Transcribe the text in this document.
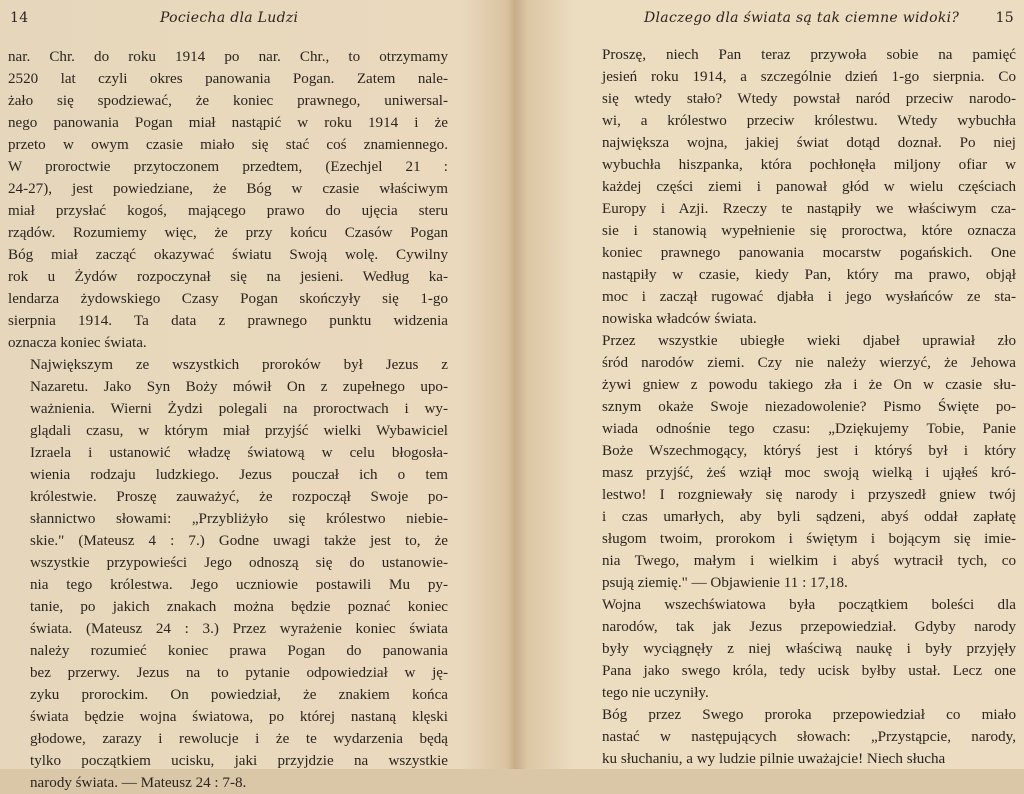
14	Pociecha dla Ludzi

nar. Chr. do roku 1914 po nar. Chr., to otrzymamy
2520 lat czyli okres panowania Pogan. Zatem nale-
żało się spodziewać, że koniec prawnego, uniwersal-
nego panowania Pogan miał nastąpić w roku 1914 i że
przeto w owym czasie miało się stać coś znamiennego.
W proroctwie przytoczonem przedtem, (Ezechjel 21 :
24-27), jest powiedziane, że Bóg w czasie właściwym
miał przysłać kogoś, mającego prawo do ujęcia steru
rządów. Rozumiemy więc, że przy końcu Czasów Pogan
Bóg miał zacząć okazywać światu Swoją wolę. Cywilny
rok u Żydów rozpoczynał się na jesieni. Według ka-
lendarza żydowskiego Czasy Pogan skończyły się 1-go
sierpnia 1914. Ta data z prawnego punktu widzenia
oznacza koniec świata.

Największym ze wszystkich proroków był Jezus z
Nazaretu. Jako Syn Boży mówił On z zupełnego upo-
ważnienia. Wierni Żydzi polegali na proroctwach i wy-
glądali czasu, w którym miał przyjść wielki Wybawiciel
Izraela i ustanowić władzę światową w celu błogosła-
wienia rodzaju ludzkiego. Jezus pouczał ich o tem
królestwie. Proszę zauważyć, że rozpoczął Swoje po-
słannictwo słowami: „Przybliżyło się królestwo niebie-
skie." (Mateusz 4 : 7.) Godne uwagi także jest to, że
wszystkie przypowieści Jego odnoszą się do ustanowie-
nia tego królestwa. Jego uczniowie postawili Mu py-
tanie, po jakich znakach można będzie poznać koniec
świata. (Mateusz 24 : 3.) Przez wyrażenie koniec świata
należy rozumieć koniec prawa Pogan do panowania
bez przerwy. Jezus na to pytanie odpowiedział w ję-
zyku prorockim. On powiedział, że znakiem końca
świata będzie wojna światowa, po której nastaną klęski
głodowe, zarazy i rewolucje i że te wydarzenia będą
tylko początkiem ucisku, jaki przyjdzie na wszystkie
narody świata. — Mateusz 24 : 7-8.

Dlaczego dla świata są tak ciemne widoki?	15

Proszę, niech Pan teraz przywoła sobie na pamięć
jesień roku 1914, a szczególnie dzień 1-go sierpnia. Co
się wtedy stało? Wtedy powstał naród przeciw narodo-
wi, a królestwo przeciw królestwu. Wtedy wybuchła
największa wojna, jakiej świat dotąd doznał. Po niej
wybuchła hiszpanka, która pochłonęła miljony ofiar w
każdej części ziemi i panował głód w wielu częściach
Europy i Azji. Rzeczy te nastąpiły we właściwym cza-
sie i stanowią wypełnienie się proroctwa, które oznacza
koniec prawnego panowania mocarstw pogańskich. One
nastąpiły w czasie, kiedy Pan, który ma prawo, objął
moc i zaczął rugować djabła i jego wysłańców ze sta-
nowiska władców świata.

Przez wszystkie ubiegłe wieki djabeł uprawiał zło
śród narodów ziemi. Czy nie należy wierzyć, że Jehowa
żywi gniew z powodu takiego zła i że On w czasie słu-
sznym okaże Swoje niezadowolenie? Pismo Święte po-
wiada odnośnie tego czasu: „Dziękujemy Tobie, Panie
Boże Wszechmogący, któryś jest i któryś był i który
masz przyjść, żeś wziął moc swoją wielką i ująłeś kró-
lestwo! I rozgniewały się narody i przyszedł gniew twój
i czas umarłych, aby byli sądzeni, abyś oddał zapłatę
sługom twoim, prorokom i świętym i bojącym się imie-
nia Twego, małym i wielkim i abyś wytracił tych, co
psują ziemię." — Objawienie 11 : 17,18.

Wojna wszechświatowa była początkiem boleści dla
narodów, tak jak Jezus przepowiedział. Gdyby narody
były wyciągnęły z niej właściwą naukę i były przyjęły
Pana jako swego króla, tedy ucisk byłby ustał. Lecz one
tego nie uczyniły.

Bóg przez Swego proroka przepowiedział co miało
nastać w następujących słowach: „Przystąpcie, narody,
ku słuchaniu, a wy ludzie pilnie uważajcie! Niech słucha
